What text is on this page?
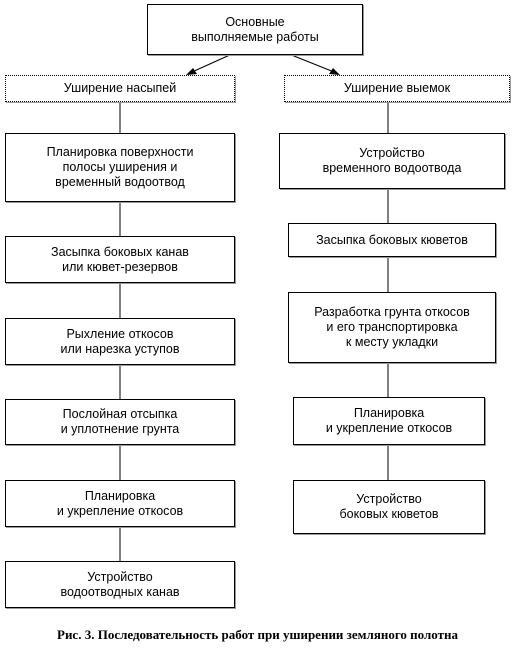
Основные
выполняемые работы
Уширение насыпей	Уширение выемок
Планировка поверхности
полосы уширения и
временный водоотвод
Засыпка боковых канав
или кювет-резервов
Рыхление откосов
или нарезка уступов
Послойная отсыпка
и уплотнение грунта
Планировка
и укрепление откосов
Устройство
водоотводных канав
Устройство
временного водоотвода
Засыпка боковых кюветов
Разработка грунта откосов
и его транспортировка
к месту укладки
Планировка
и укрепление откосов
Устройство
боковых кюветов
Рис. 3. Последовательность работ при уширении земляного полотна
